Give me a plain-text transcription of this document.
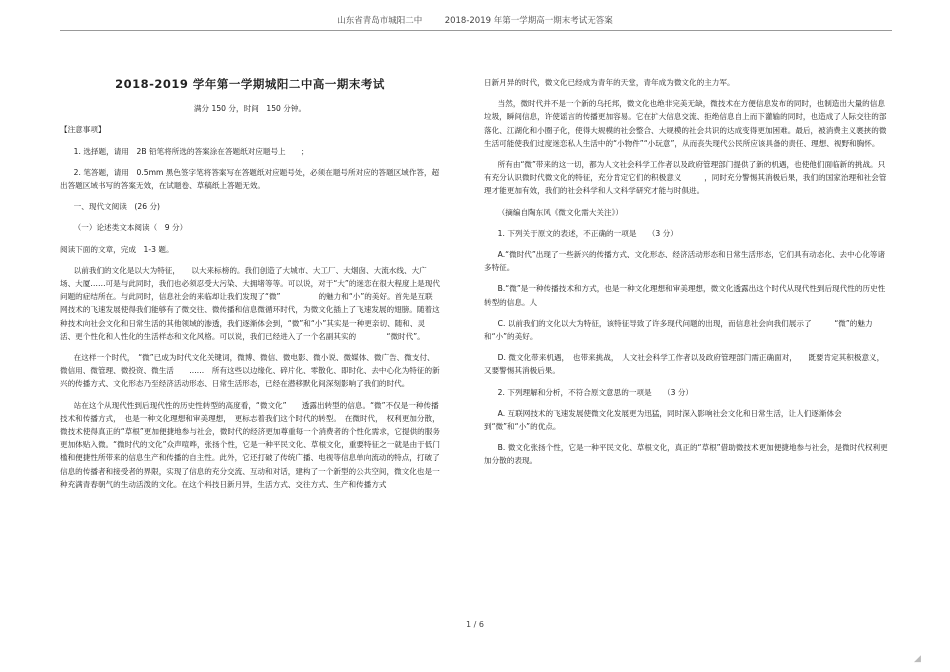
山东省青岛市城阳二中   	2018-2019 年第一学期高一期末考试无答案
2018-2019 学年第一学期城阳二中高一期末考试

满分 150 分，时间　150 分钟。

【注意事项】

1. 选择题，请用　2B 铅笔将所选的答案涂在答题纸对应题号上　　；

2. 笔答题，请用　0.5mm 黑色签字笔将答案写在答题纸对应题号处，必须在题号所对应的答题区域作答，超出答题区域书写的答案无效，在试题卷、草稿纸上答题无效。

一、现代文阅读　(26 分)

（一）论述类文本阅读（　9 分）

阅读下面的文章，完成　1-3 题。

以前我们的文化是以大为特征，　　以大来标榜的。我们创造了大城市、大工厂、大烟囱、大流水线、大广场、大厦……可是与此同时，我们也必须忍受大污染、大拥堵等等。可以说，对于“大”的迷恋在很大程度上是现代问题的症结所在。与此同时，信息社会的来临却让我们发现了“微”　　　　　的魅力和“小”的美好。首先是互联网技术的飞速发展使得我们能够有了微交往、微传播和信息微循环时代，为微文化插上了飞速发展的翅膀。随着这种技术向社会文化和日常生活的其他领域的渗透，我们逐渐体会到，“微”和“小”其实是一种更亲切、随和、灵活、更个性化和人性化的生活样态和文化风格。可以说，我们已经进入了一个名副其实的　　　　“微时代”。

在这样一个时代，　“微”已成为时代文化关键词，微博、微信、微电影、微小说、微媒体、微广告、微支付、微信用、微管理、微投资、微生活　　……　所有这些以边缘化、碎片化、零散化、即时化、去中心化为特征的新兴的传播方式、文化形态乃至经济活动形态、日常生活形态，已经在潜移默化间深刻影响了我们的时代。

站在这个从现代性到后现代性的历史性转型的高度看，“微文化”　　透露出转型的信息。“微”不仅是一种传播技术和传播方式，　也是一种文化理想和审美理想，　更标志着我们这个时代的转型。　在微时代，　权利更加分散，微技术使得真正的“草根”更加便捷地参与社会，微时代的经济更加尊重每一个消费者的个性化需求，它提供的服务更加体贴入微。“微时代的文化”众声喧哗，张扬个性，它是一种平民文化、草根文化，重要特征之一就是由于低门槛和便捷性所带来的信息生产和传播的自主性。此外，它还打破了传统广播、电视等信息单向流动的特点，打破了信息的传播者和接受者的界限，实现了信息的充分交流、互动和对话，建构了一个新型的公共空间，微文化也是一种充满青春朝气的生动活泼的文化。在这个科技日新月异，生活方式、交往方式、生产和传播方式

日新月异的时代，微文化已经成为青年的天堂，青年成为微文化的主力军。

当然，微时代并不是一个新的乌托邦，微文化也绝非完美无缺，微技术在方便信息发布的同时，也制造出大量的信息垃圾，瞬间信息，许使谣言的传播更加容易。它在扩大信息交流、拒绝信息自上而下灌输的同时，也造成了人际交往的部落化、江湖化和小圈子化，使得大规模的社会整合、大规模的社会共识的达成变得更加困难。最后，被消费主义裹挟的微生活可能使我们过度迷恋私人生活中的“小物件”“小玩意”，从而丧失现代公民所应该具备的责任、理想、视野和胸怀。

所有由“微”带来的这一切，都为人文社会科学工作者以及政府管理部门提供了新的机遇，也使他们面临新的挑战。只有充分认识微时代微文化的特征，充分肯定它们的积极意义　　　，同时充分警惕其消极后果，我们的国家治理和社会管理才能更加有效，我们的社会科学和人文科学研究才能与时俱进。

（摘编自陶东风《微文化需大关注》）

1. 下列关于原文的表述，不正确的一项是　　（3 分）

A.“微时代”出现了一些新兴的传播方式、文化形态、经济活动形态和日常生活形态，它们具有动态化、去中心化等诸多特征。

B.“微”是一种传播技术和方式，也是一种文化理想和审美理想，微文化透露出这个时代从现代性到后现代性的历史性转型的信息。人

C. 以前我们的文化以大为特征，该特征导致了许多现代问题的出现，而信息社会向我们展示了　　　“微”的魅力和“小”的美好。

D. 微文化带来机遇，　也带来挑战，　人文社会科学工作者以及政府管理部门需正确面对，　　既要肯定其积极意义，又要警惕其消极后果。

2. 下列理解和分析，不符合原文意思的一项是　　（3 分）

A. 互联网技术的飞速发展使微文化发展更为迅猛，同时深入影响社会文化和日常生活，让人们逐渐体会到“微”和“小”的优点。

B. 微文化张扬个性，它是一种平民文化、草根文化，真正的“草根”借助微技术更加便捷地参与社会，是微时代权利更加分散的表现。

1 / 6
◢
